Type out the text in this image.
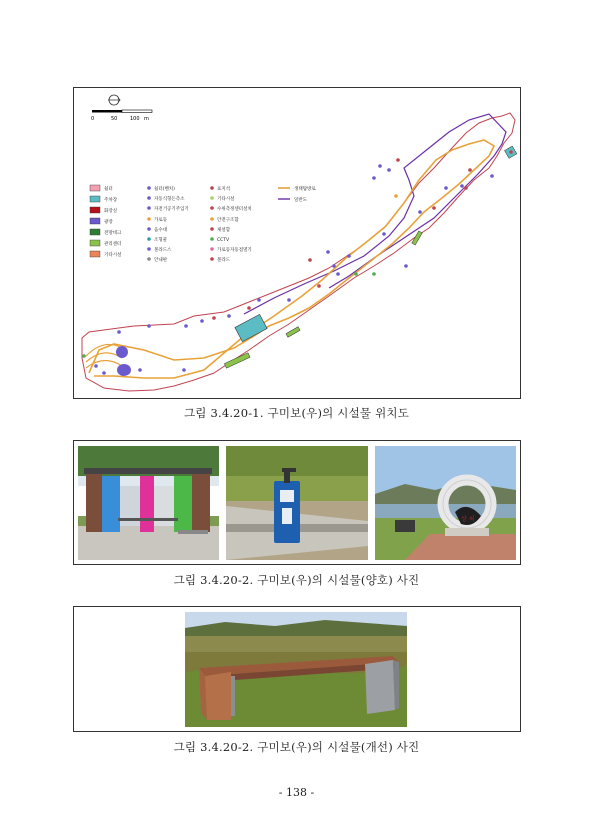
0	50	100 m
쉼터
주차장
화장실
광장
전망데크
관리센터
기타시설
쉼터(벤치)
자동식형돈측소
자전거공기주입기
가로등
음수대
조형물
볼라드스
안내판
표지석
기타시설
수위측정센터설치
안전구조함
제설함
CCTV
가로등자동점멸기
볼라드
생태탐방로
일반도
그림 3.4.20-1. 구미보(우)의 시설물 위치도
상 처
그림 3.4.20-2. 구미보(우)의 시설물(양호) 사진
그림 3.4.20-2. 구미보(우)의 시설물(개선) 사진
- 138 -
